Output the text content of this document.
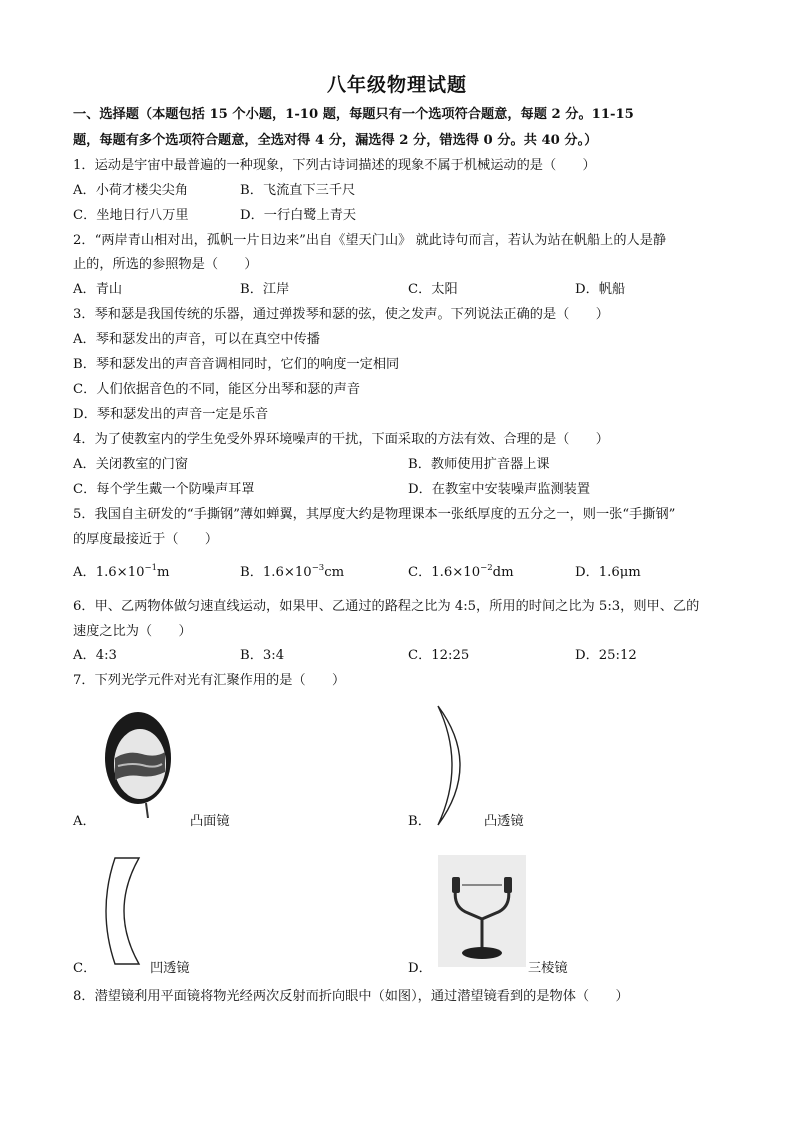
八年级物理试题
一、选择题（本题包括 15 个小题，1-10 题，每题只有一个选项符合题意，每题 2 分。11-15
题，每题有多个选项符合题意，全选对得 4 分，漏选得 2 分，错选得 0 分。共 40 分。）
1．运动是宇宙中最普遍的一种现象，下列古诗词描述的现象不属于机械运动的是（　　）
A．小荷才楼尖尖角	B．飞流直下三千尺
C．坐地日行八万里	D．一行白鹭上青天
2．“两岸青山相对出，孤帆一片日边来”出自《望天门山》 就此诗句而言，若认为站在帆船上的人是静
止的，所选的参照物是（　　）
A．青山	B．江岸	C．太阳	D．帆船
3．琴和瑟是我国传统的乐器，通过弹拨琴和瑟的弦，使之发声。下列说法正确的是（　　）
A．琴和瑟发出的声音，可以在真空中传播
B．琴和瑟发出的声音音调相同时，它们的响度一定相同
C．人们依据音色的不同，能区分出琴和瑟的声音
D．琴和瑟发出的声音一定是乐音
4．为了使教室内的学生免受外界环境噪声的干扰，下面采取的方法有效、合理的是（　　）
A．关闭教室的门窗	B．教师使用扩音器上课
C．每个学生戴一个防噪声耳罩	D．在教室中安装噪声监测装置
5．我国自主研发的“手撕钢”薄如蝉翼，其厚度大约是物理课本一张纸厚度的五分之一，则一张“手撕钢”
的厚度最接近于（　　）
A．$1.6\times 10^{-1}m$	B．$1.6\times 10^{-3}cm$	C．$1.6\times 10^{-2}dm$	D．1.6μm
6．甲、乙两物体做匀速直线运动，如果甲、乙通过的路程之比为 4:5，所用的时间之比为 5:3，则甲、乙的
速度之比为（　　）
A．4:3	B．3:4	C．12:25	D．25:12
7．下列光学元件对光有汇聚作用的是（　　）
A．	凸面镜	B．	凸透镜
C．	凹透镜	D．	三棱镜
8．潜望镜利用平面镜将物光经两次反射而折向眼中（如图），通过潜望镜看到的是物体（　　）
